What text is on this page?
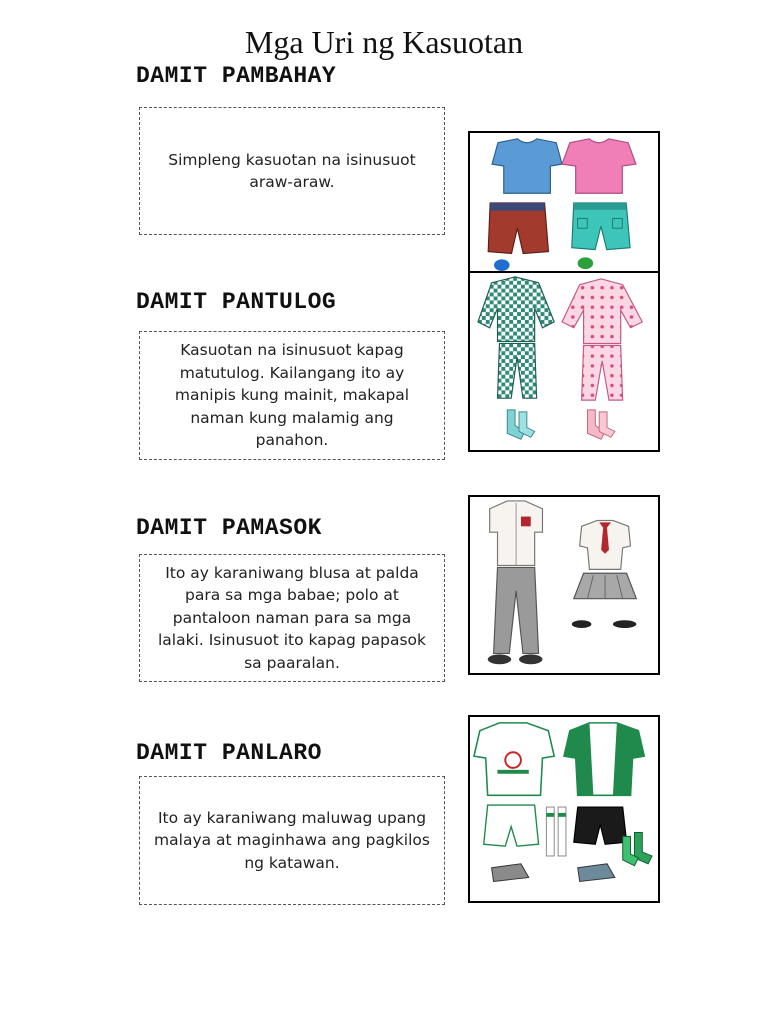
Mga Uri ng Kasuotan
DAMIT PAMBAHAY
Simpleng kasuotan na isinusuot araw-araw.
DAMIT PANTULOG
Kasuotan na isinusuot kapag matutulog. Kailangang ito ay manipis kung mainit, makapal naman kung malamig ang panahon.
DAMIT PAMASOK
Ito ay karaniwang blusa at palda para sa mga babae; polo at pantaloon naman para sa mga lalaki. Isinusuot ito kapag papasok sa paaralan.
DAMIT PANLARO
Ito ay karaniwang maluwag upang malaya at maginhawa ang pagkilos ng katawan.
